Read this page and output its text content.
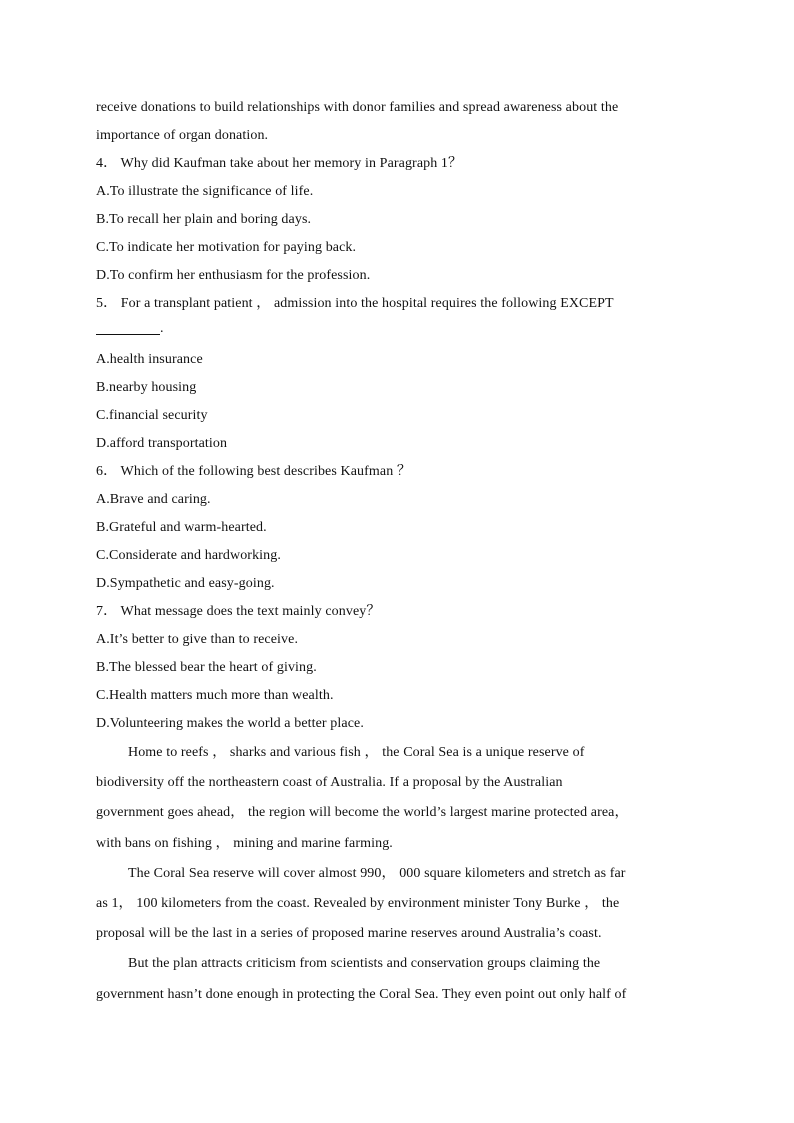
receive donations to build relationships with donor families and spread awareness about the
importance of organ donation.
4． Why did Kaufman take about her memory in Paragraph 1？
A.To illustrate the significance of life.
B.To recall her plain and boring days.
C.To indicate her motivation for paying back.
D.To confirm her enthusiasm for the profession.
5． For a transplant patient ， admission into the hospital requires the following EXCEPT
.
A.health insurance
B.nearby housing
C.financial security
D.afford transportation
6． Which of the following best describes Kaufman ？
A.Brave and caring.
B.Grateful and warm-hearted.
C.Considerate and hardworking.
D.Sympathetic and easy-going.
7． What message does the text mainly convey？
A.It’s better to give than to receive.
B.The blessed bear the heart of giving.
C.Health matters much more than wealth.
D.Volunteering makes the world a better place.
Home to reefs ， sharks and various fish ， the Coral Sea is a unique reserve of
biodiversity off the northeastern coast of Australia. If a proposal by the Australian
government goes ahead， the region will become the world’s largest marine protected area，
with bans on fishing ， mining and marine farming.
The Coral Sea reserve will cover almost 990， 000 square kilometers and stretch as far
as 1， 100 kilometers from the coast. Revealed by environment minister Tony Burke ， the
proposal will be the last in a series of proposed marine reserves around Australia’s coast.
But the plan attracts criticism from scientists and conservation groups claiming the
government hasn’t done enough in protecting the Coral Sea. They even point out only half of
